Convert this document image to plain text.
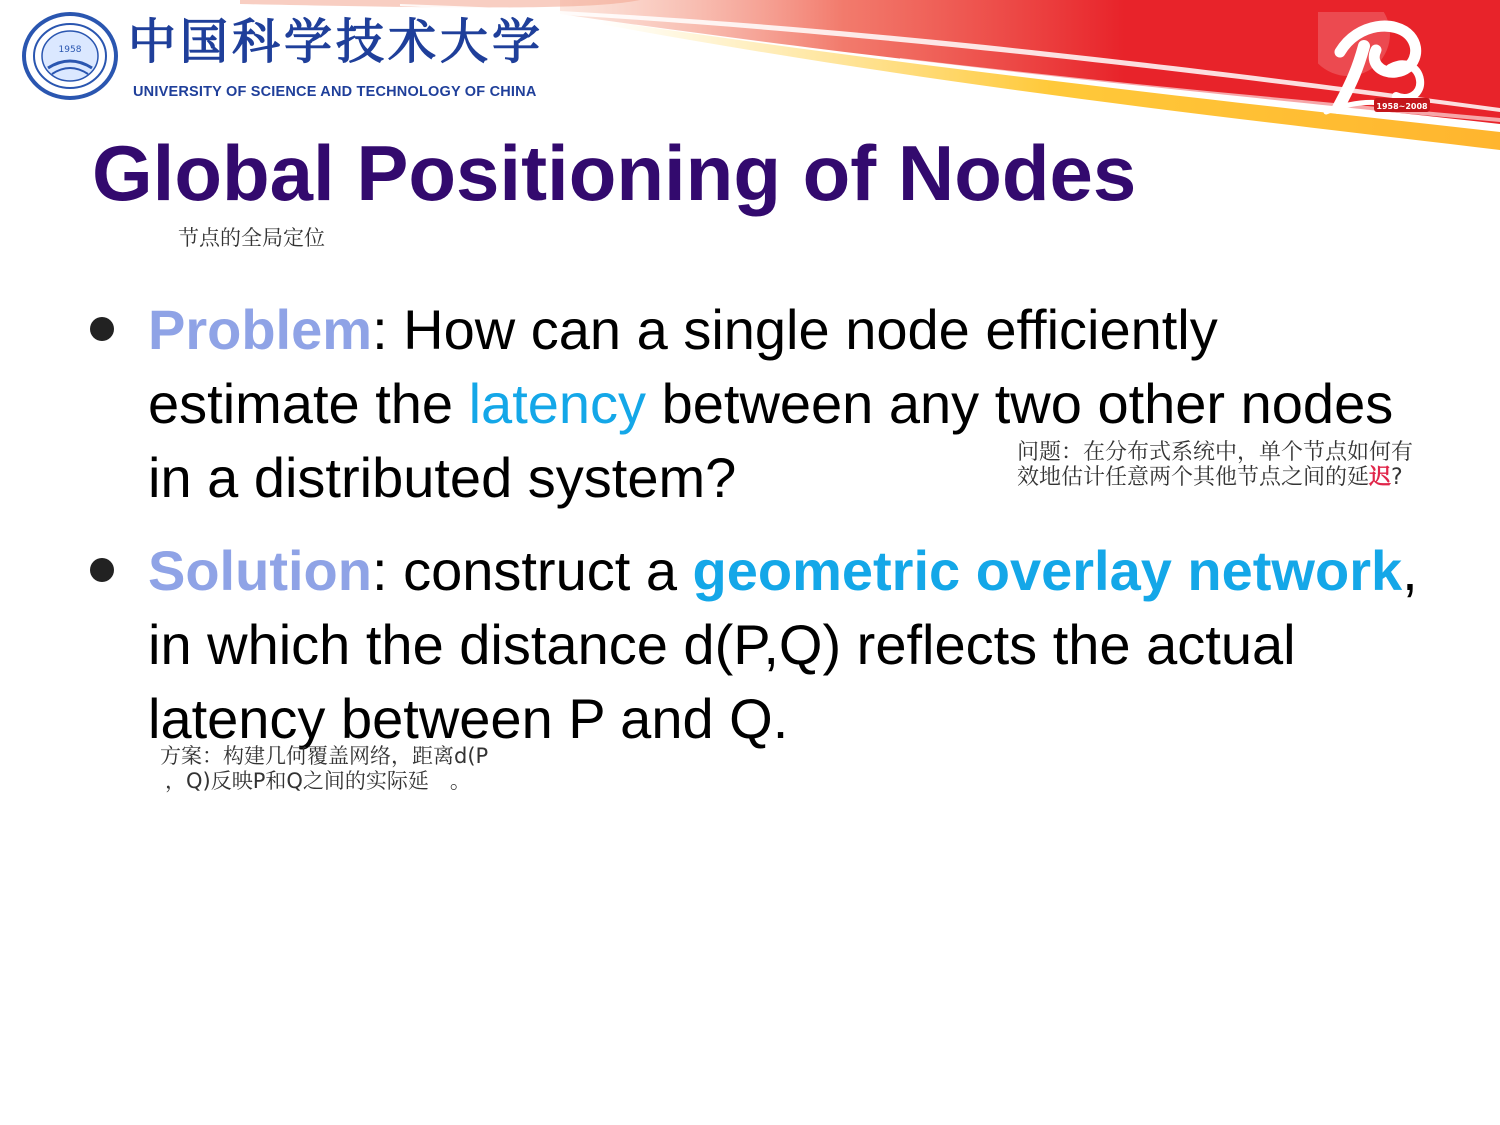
1958 中国科学技术大学
UNIVERSITY OF SCIENCE AND TECHNOLOGY OF CHINA
1958~2008
Global Positioning of Nodes
节点的全局定位
Problem: How can a single node efficiently estimate the latency between any two other nodes in a distributed system?	问题：在分布式系统中，单个节点如何有效地估计任意两个其他节点之间的延迟?
Solution: construct a geometric overlay network, in which the distance d(P,Q) reflects the actual latency between P and Q.
方案：构建几何覆盖网络，距离d(P
，Q)反映P和Q之间的实际延　。
